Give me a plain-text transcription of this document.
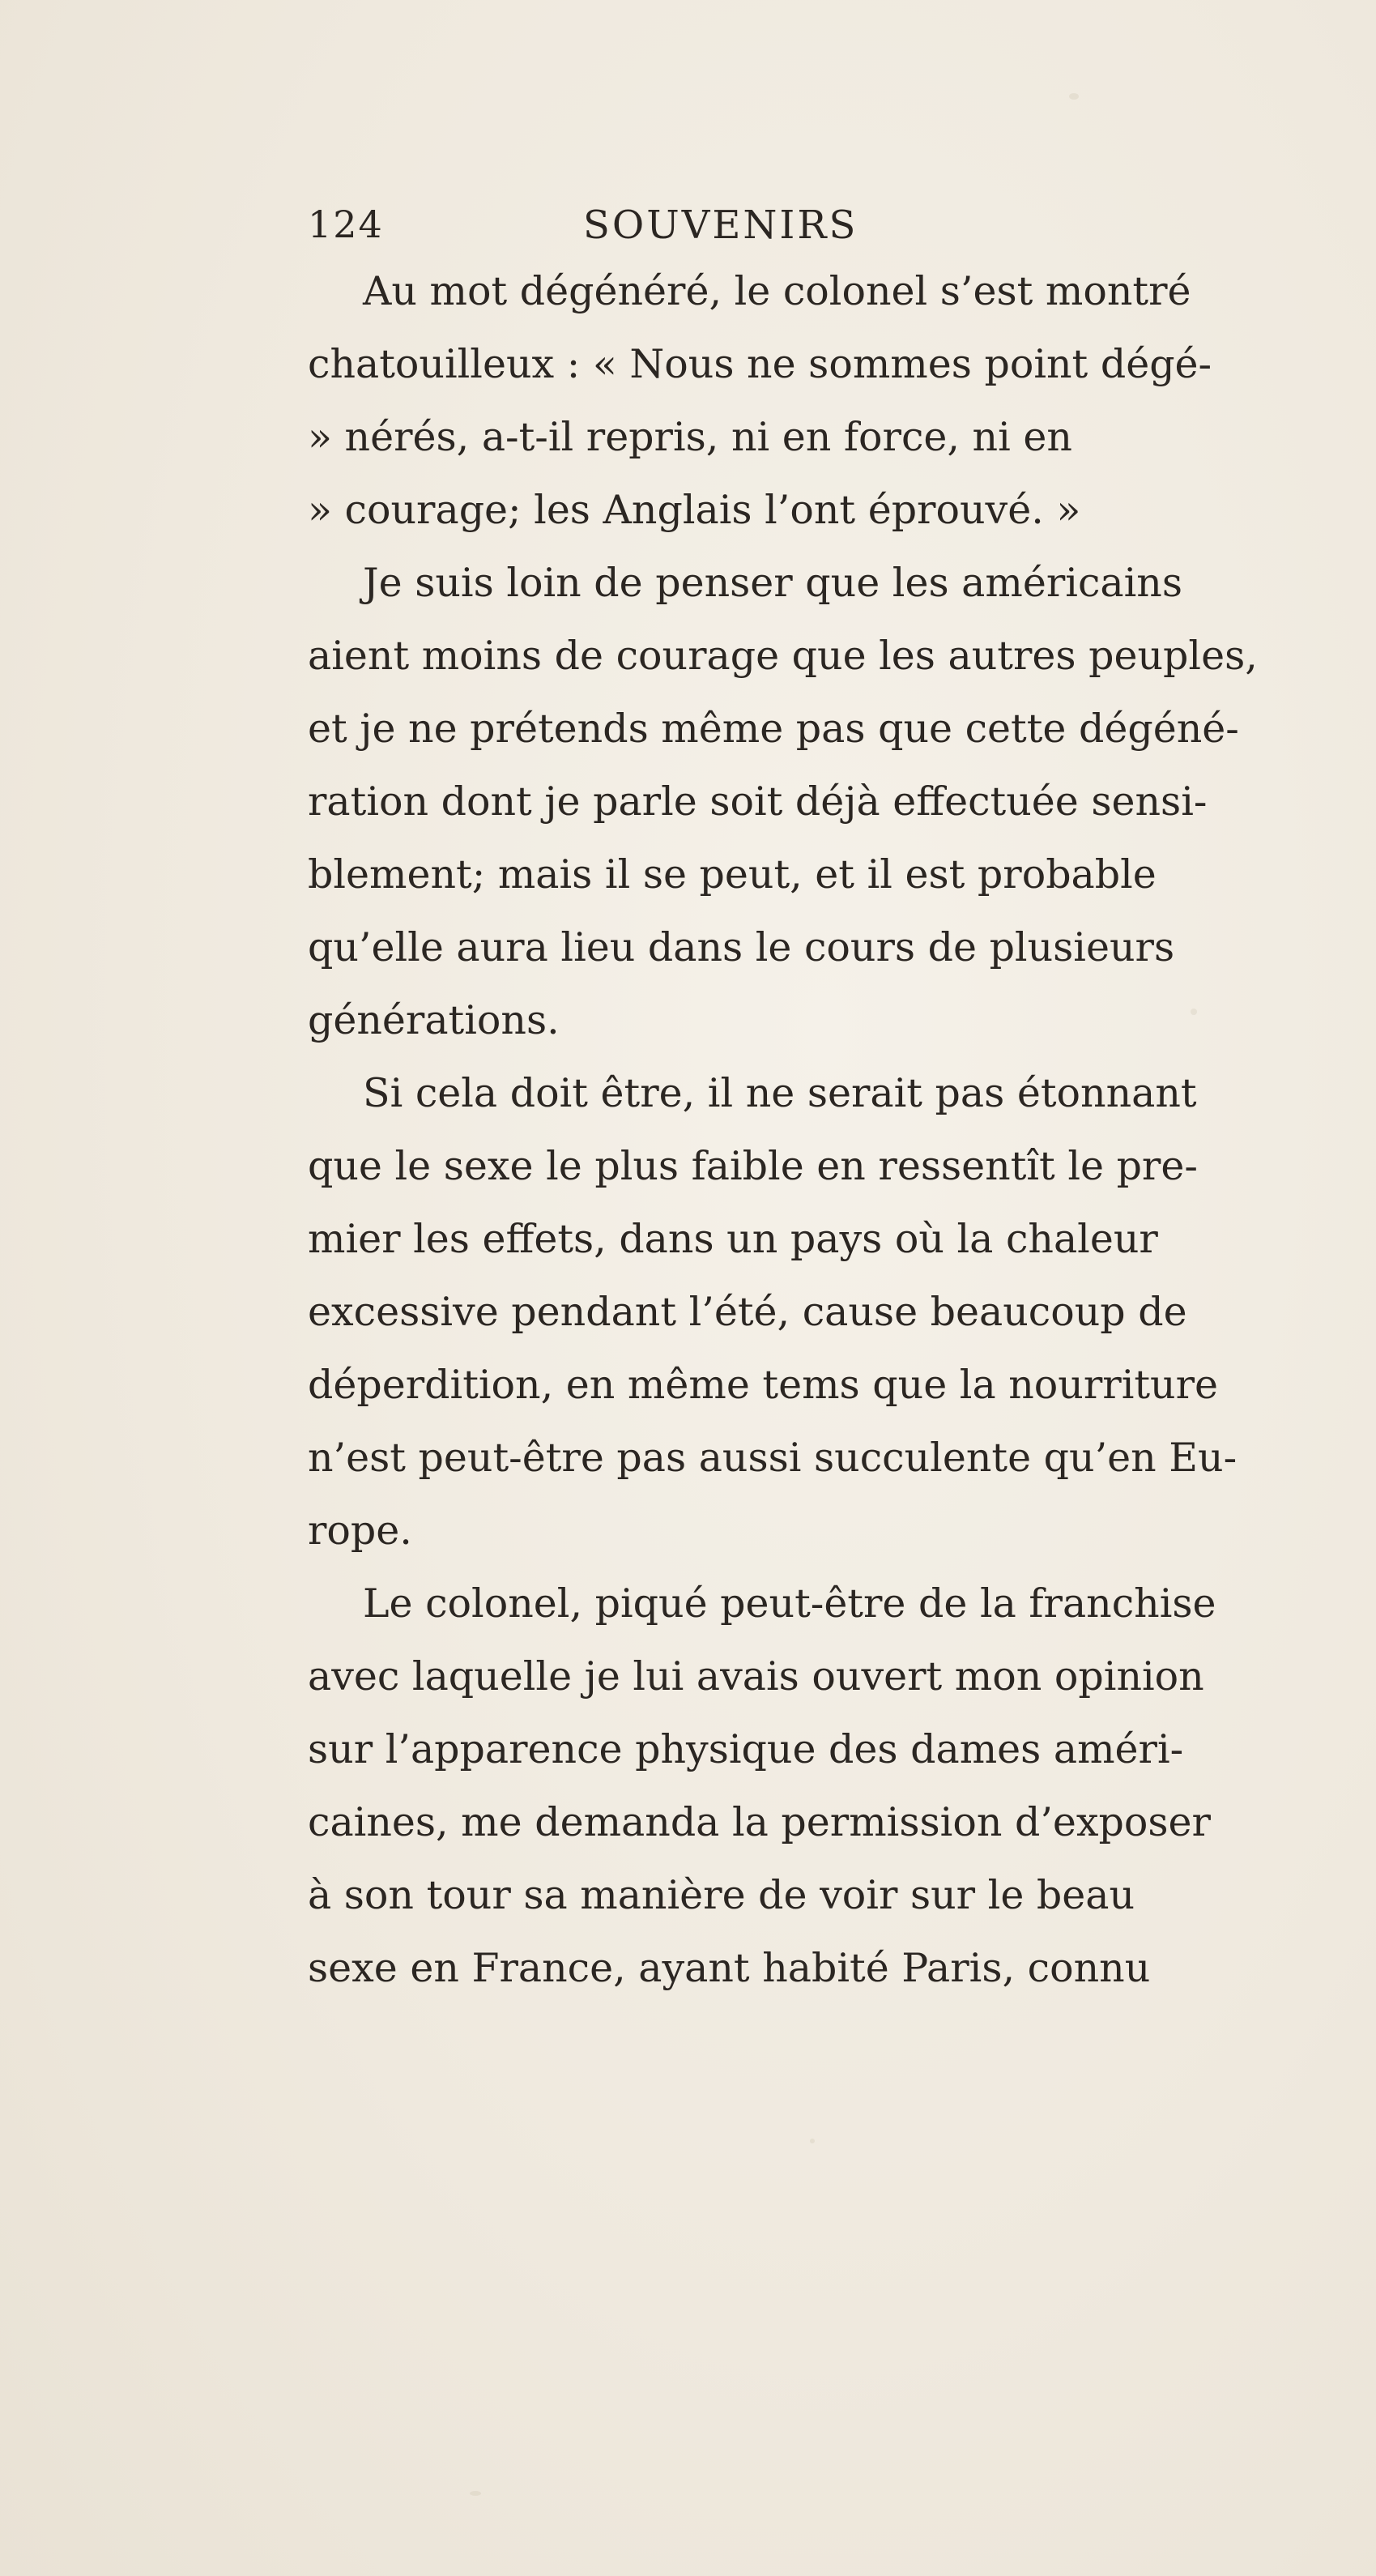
124	SOUVENIRS
Au mot dégénéré, le colonel s’est montré
chatouilleux : « Nous ne sommes point dégé-
» nérés, a-t-il repris, ni en force, ni en
» courage; les Anglais l’ont éprouvé. »
Je suis loin de penser que les américains
aient moins de courage que les autres peuples,
et je ne prétends même pas que cette dégéné-
ration dont je parle soit déjà effectuée sensi-
blement; mais il se peut, et il est probable
qu’elle aura lieu dans le cours de plusieurs
générations.
Si cela doit être, il ne serait pas étonnant
que le sexe le plus faible en ressentît le pre-
mier les effets, dans un pays où la chaleur
excessive pendant l’été, cause beaucoup de
déperdition, en même tems que la nourriture
n’est peut-être pas aussi succulente qu’en Eu-
rope.
Le colonel, piqué peut-être de la franchise
avec laquelle je lui avais ouvert mon opinion
sur l’apparence physique des dames améri-
caines, me demanda la permission d’exposer
à son tour sa manière de voir sur le beau
sexe en France, ayant habité Paris, connu
